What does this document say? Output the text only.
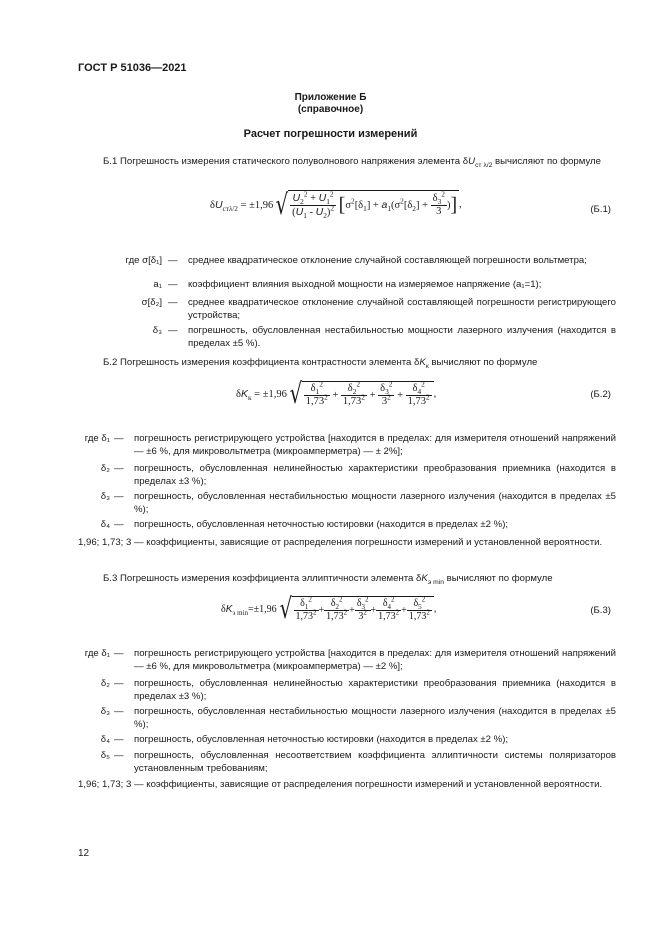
ГОСТ Р 51036—2021
Приложение Б
(справочное)
Расчет погрешности измерений
Б.1 Погрешность измерения статического полуволнового напряжения элемента $\delta U_{ст \lambda/2}$ вычисляют по формуле
$\delta U_{ст\lambda/2} = \pm 1,96√ \frac{U_2^2 + U_1^2}{(U_1 - U_2)^2} [\sigma^2[\delta_1] + a_1(\sigma^2[\delta_2] + \frac{\delta_3^2}{3}$ )] ,	(Б.1)
где σ[δ₁] — среднее квадратическое отклонение случайной составляющей погрешности вольтметра;
a₁ — коэффициент влияния выходной мощности на измеряемое напряжение (a₁=1);
σ[δ₂] — среднее квадратическое отклонение случайной составляющей погрешности регистрирующего устройства;
δ₃ — погрешность, обусловленная нестабильностью мощности лазерного излучения (находится в пределах ±5 %).
Б.2 Погрешность измерения коэффициента контрастности элемента $\delta K_к$ вычисляют по формуле
$\delta K_к = \pm 1,96√ \frac{\delta_1^2}{1,73^2} + \frac{\delta_2^2}{1,73^2} + \frac{\delta_3^2}{3^2} + \frac{\delta_4^2}{1,73^2}$ ,	(Б.2)
где δ₁ — погрешность регистрирующего устройства [находится в пределах: для измерителя отношений напряжений — ±6 %, для микровольтметра (микроамперметра) — ± 2%];
δ₂ — погрешность, обусловленная нелинейностью характеристики преобразования приемника (находится в пределах ±3 %);
δ₃ — погрешность, обусловленная нестабильностью мощности лазерного излучения (находится в пределах ±5 %);
δ₄ — погрешность, обусловленная неточностью юстировки (находится в пределах ±2 %);
1,96; 1,73; 3 — коэффициенты, зависящие от распределения погрешности измерений и установленной вероятности.
Б.3 Погрешность измерения коэффициента эллиптичности элемента $\delta K_{э min}$ вычисляют по формуле
$\delta K_{э min}=\pm 1,96√ \frac{\delta_1^2}{1,73^2} + \frac{\delta_2^2}{1,73^2} + \frac{\delta_3^2}{3^2} + \frac{\delta_4^2}{1,73^2} + \frac{\delta_5^2}{1,73^2}$ ,	(Б.3)
где δ₁ — погрешность регистрирующего устройства [находится в пределах: для измерителя отношений напряжений — ±6 %, для микровольтметра (микроамперметра) — ±2 %];
δ₂ — погрешность, обусловленная нелинейностью характеристики преобразования приемника (находится в пределах ±3 %);
δ₃ — погрешность, обусловленная нестабильностью мощности лазерного излучения (находится в пределах ±5 %);
δ₄ — погрешность, обусловленная неточностью юстировки (находится в пределах ±2 %);
δ₅ — погрешность, обусловленная несоответствием коэффициента эллиптичности системы поляризаторов установленным требованиям;
1,96; 1,73; 3 — коэффициенты, зависящие от распределения погрешности измерений и установленной вероятности.
12
